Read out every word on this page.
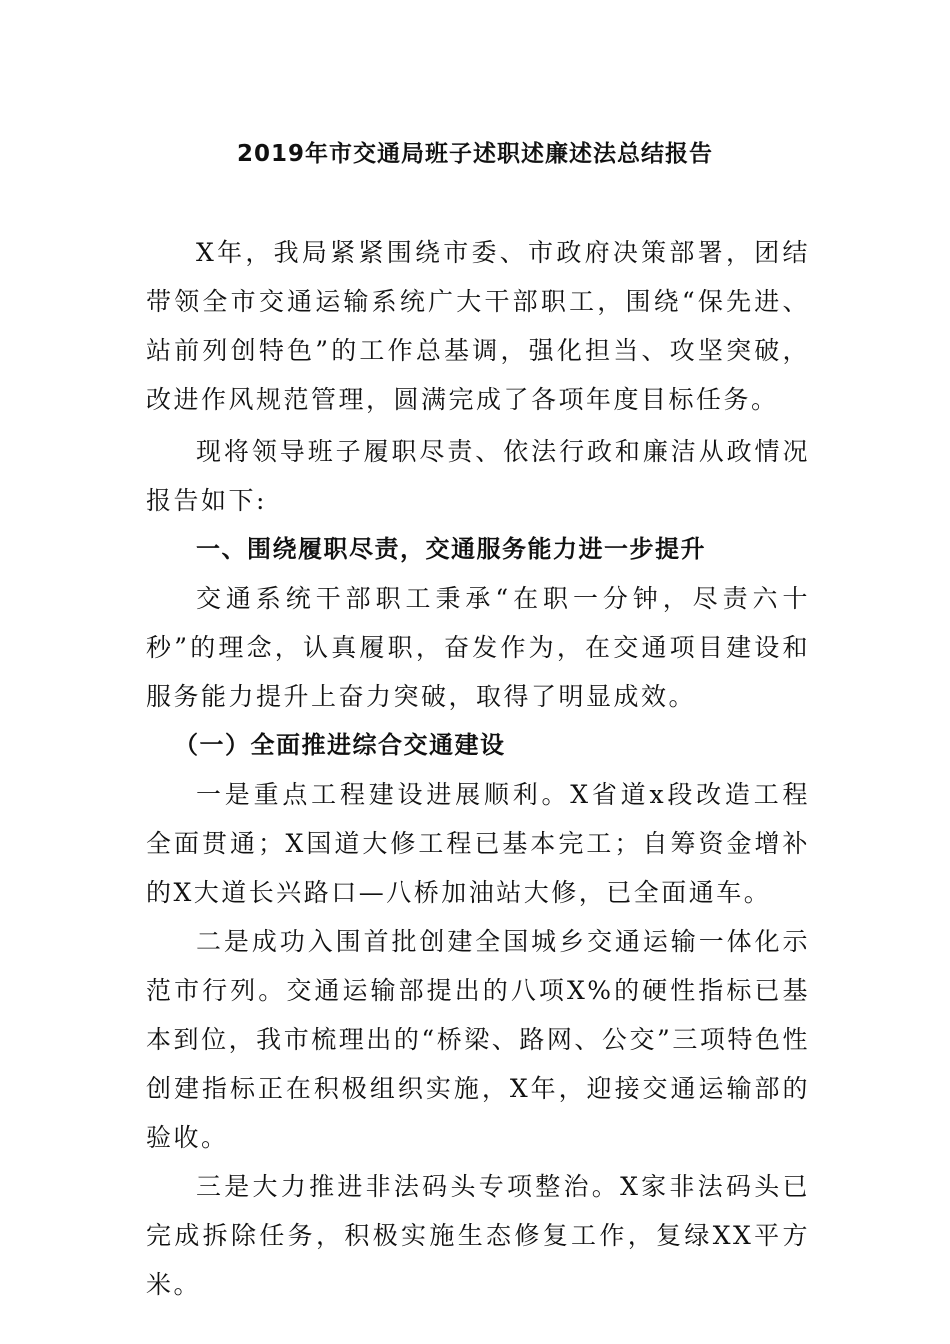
2019年市交通局班子述职述廉述法总结报告

X年，我局紧紧围绕市委、市政府决策部署，团结带领全市交通运输系统广大干部职工，围绕“保先进、站前列创特色”的工作总基调，强化担当、攻坚突破，改进作风规范管理，圆满完成了各项年度目标任务。

现将领导班子履职尽责、依法行政和廉洁从政情况报告如下:

一、围绕履职尽责，交通服务能力进一步提升

交通系统干部职工秉承“在职一分钟，尽责六十秒”的理念，认真履职，奋发作为，在交通项目建设和服务能力提升上奋力突破，取得了明显成效。

（一）全面推进综合交通建设

一是重点工程建设进展顺利。X省道x段改造工程全面贯通；X国道大修工程已基本完工；自筹资金增补的X大道长兴路口—八桥加油站大修，已全面通车。

二是成功入围首批创建全国城乡交通运输一体化示范市行列。交通运输部提出的八项X%的硬性指标已基本到位，我市梳理出的“桥梁、路网、公交”三项特色性创建指标正在积极组织实施，X年，迎接交通运输部的验收。

三是大力推进非法码头专项整治。X家非法码头已完成拆除任务，积极实施生态修复工作，复绿XX平方米。
